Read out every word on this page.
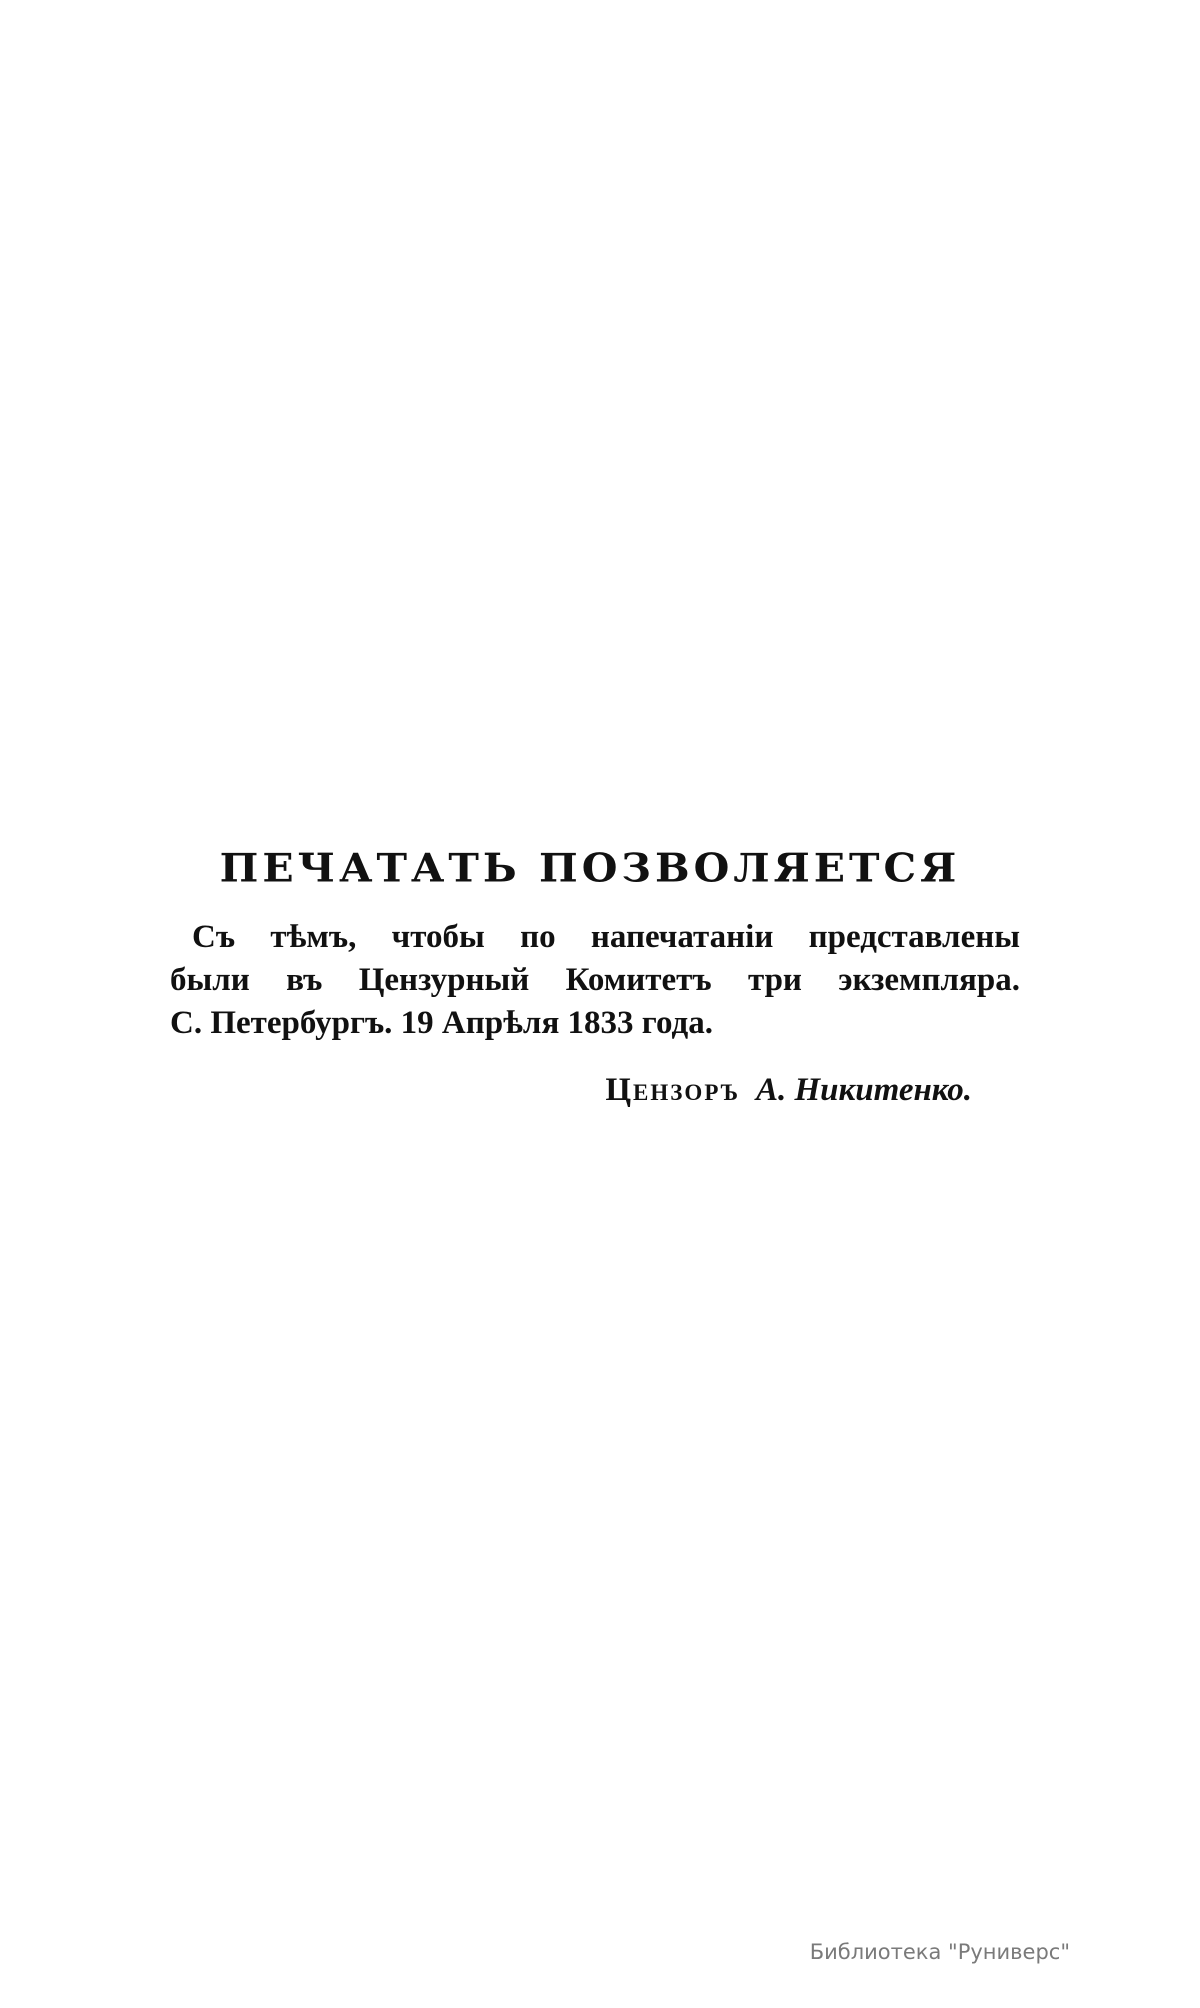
ПЕЧАТАТЬ ПОЗВОЛЯЕТСЯ
Съ тѣмъ, чтобы по напечатанiи представлены
были въ Цензурный Комитетъ три экземпляра.
С. Петербургъ. 19 Апрѣля 1833 года.
Цензоръ А. Никитенко.
Библиотека "Руниверс"
